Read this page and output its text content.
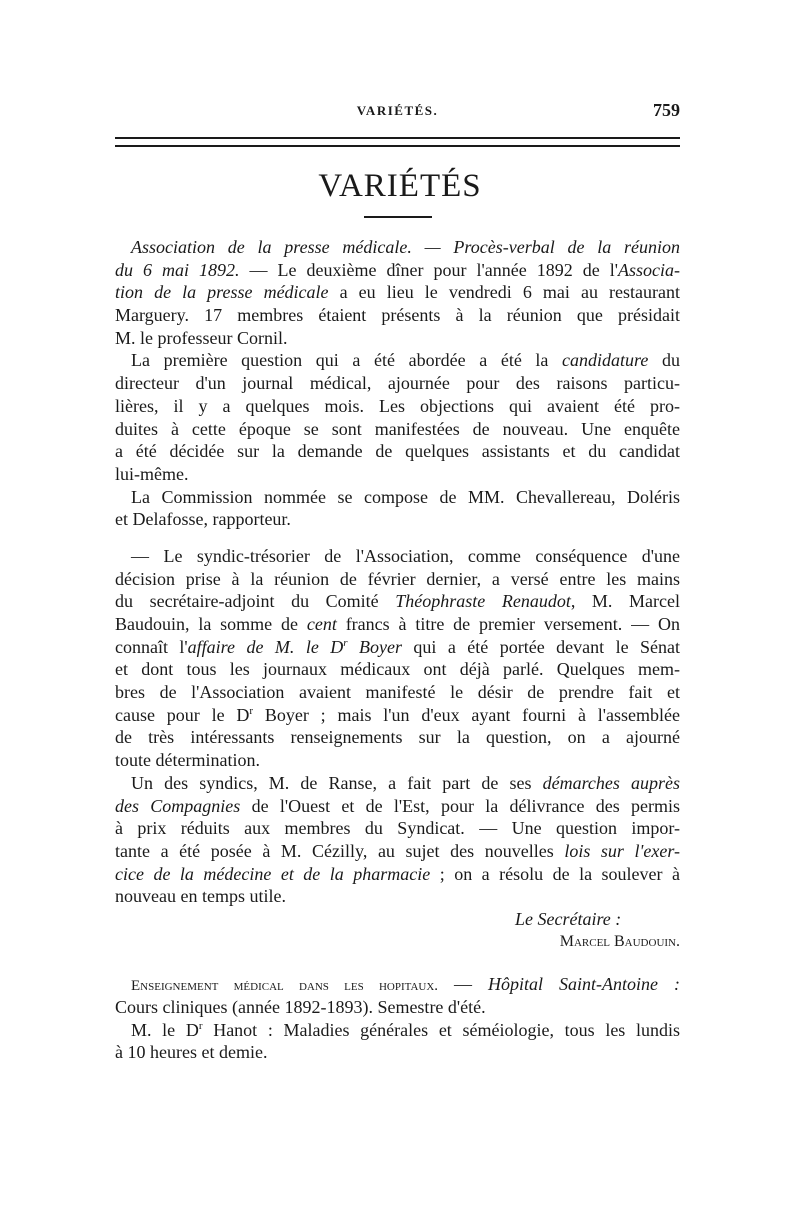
VARIÉTÉS.	759
VARIÉTÉS
Association de la presse médicale. — Procès-verbal de la réunion
du 6 mai 1892. — Le deuxième dîner pour l'année 1892 de l'Associa-
tion de la presse médicale a eu lieu le vendredi 6 mai au restaurant
Marguery. 17 membres étaient présents à la réunion que présidait
M. le professeur Cornil.
La première question qui a été abordée a été la candidature du
directeur d'un journal médical, ajournée pour des raisons particu-
lières, il y a quelques mois. Les objections qui avaient été pro-
duites à cette époque se sont manifestées de nouveau. Une enquête
a été décidée sur la demande de quelques assistants et du candidat
lui-même.
La Commission nommée se compose de MM. Chevallereau, Doléris
et Delafosse, rapporteur.
— Le syndic-trésorier de l'Association, comme conséquence d'une
décision prise à la réunion de février dernier, a versé entre les mains
du secrétaire-adjoint du Comité Théophraste Renaudot, M. Marcel
Baudouin, la somme de cent francs à titre de premier versement. — On
connaît l'affaire de M. le $D^r$ Boyer qui a été portée devant le Sénat
et dont tous les journaux médicaux ont déjà parlé. Quelques mem-
bres de l'Association avaient manifesté le désir de prendre fait et
cause pour le $D^r$ Boyer ; mais l'un d'eux ayant fourni à l'assemblée
de très intéressants renseignements sur la question, on a ajourné
toute détermination.
Un des syndics, M. de Ranse, a fait part de ses démarches auprès
des Compagnies de l'Ouest et de l'Est, pour la délivrance des permis
à prix réduits aux membres du Syndicat. — Une question impor-
tante a été posée à M. Cézilly, au sujet des nouvelles lois sur l'exer-
cice de la médecine et de la pharmacie ; on a résolu de la soulever à
nouveau en temps utile.
Le Secrétaire :
Marcel Baudouin.
Enseignement médical dans les hopitaux. — Hôpital Saint-Antoine :
Cours cliniques (année 1892-1893). Semestre d'été.
M. le $D^r$ Hanot : Maladies générales et séméiologie, tous les lundis
à 10 heures et demie.
